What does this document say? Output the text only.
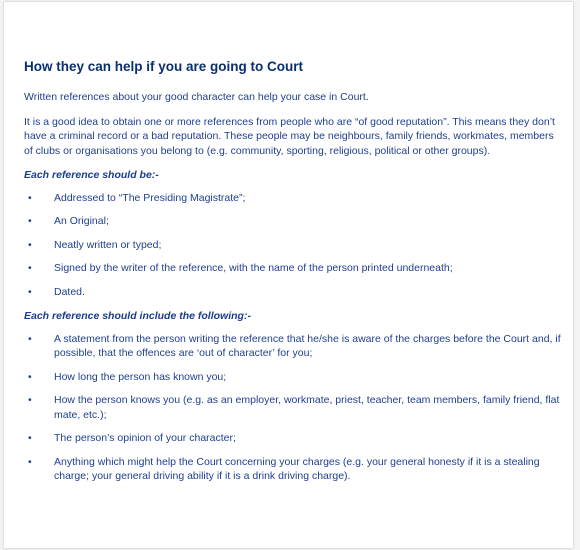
How they can help if you are going to Court
Written references about your good character can help your case in Court.
It is a good idea to obtain one or more references from people who are “of good reputation”. This means they don’t have a criminal record or a bad reputation. These people may be neighbours, family friends, workmates, members of clubs or organisations you belong to (e.g. community, sporting, religious, political or other groups).
Each reference should be:-
• Addressed to “The Presiding Magistrate”;
• An Original;
• Neatly written or typed;
• Signed by the writer of the reference, with the name of the person printed underneath;
• Dated.
Each reference should include the following:-
• A statement from the person writing the reference that he/she is aware of the charges before the Court and, if possible, that the offences are ‘out of character’ for you;
• How long the person has known you;
• How the person knows you (e.g. as an employer, workmate, priest, teacher, team members, family friend, flat mate, etc.);
• The person’s opinion of your character;
• Anything which might help the Court concerning your charges (e.g. your general honesty if it is a stealing charge; your general driving ability if it is a drink driving charge).
